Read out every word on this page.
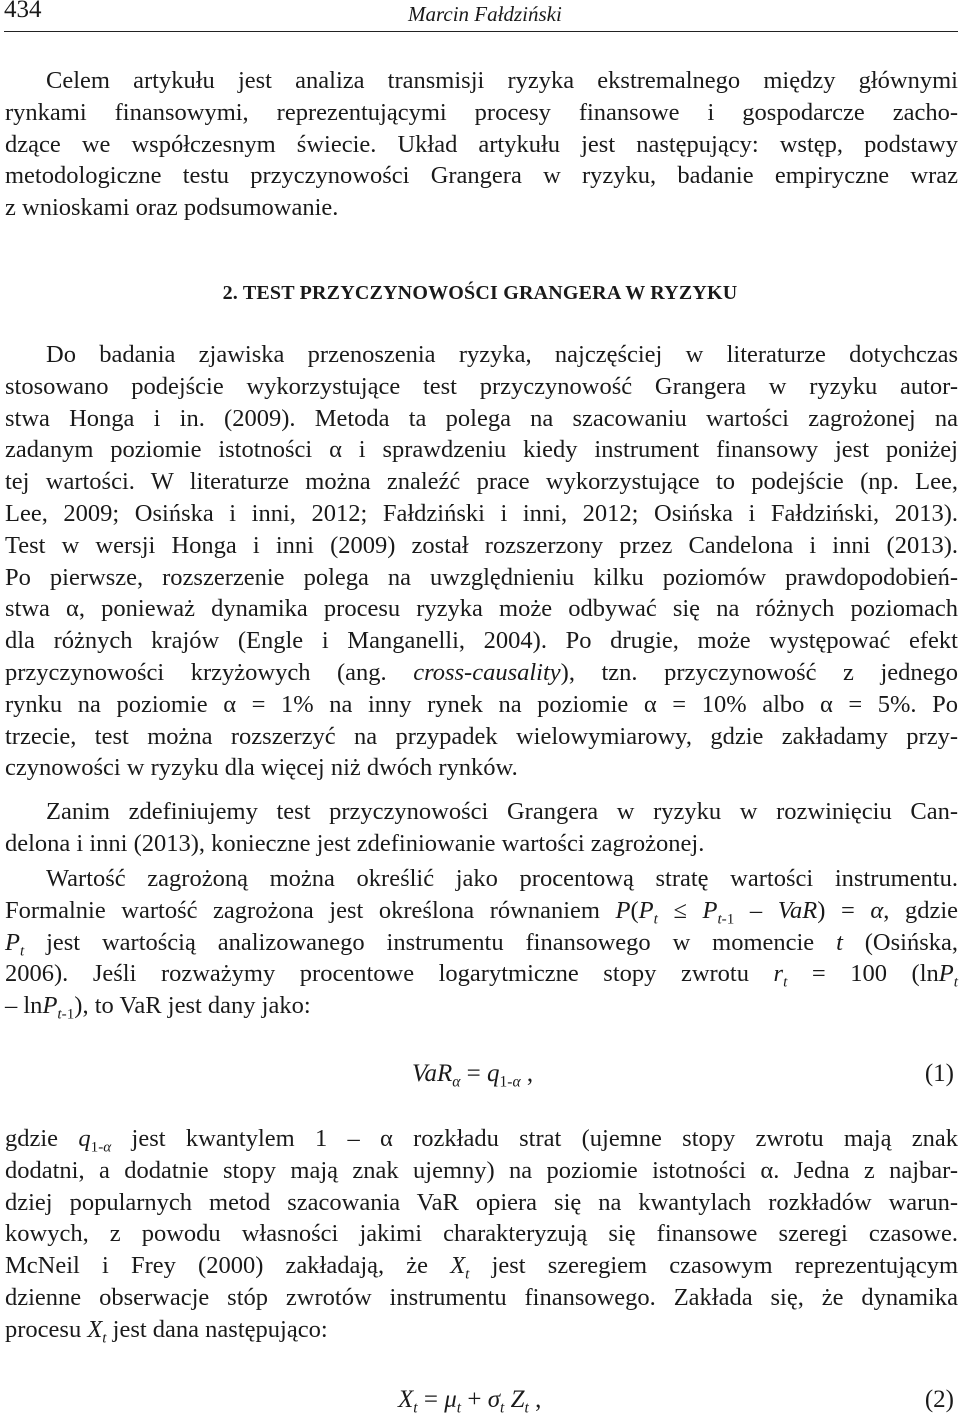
434	Marcin Fałdziński
Celem artykułu jest analiza transmisji ryzyka ekstremalnego między głównymi
rynkami finansowymi, reprezentującymi procesy finansowe i gospodarcze zacho-
dzące we współczesnym świecie. Układ artykułu jest następujący: wstęp, podstawy
metodologiczne testu przyczynowości Grangera w ryzyku, badanie empiryczne wraz
z wnioskami oraz podsumowanie.
2. TEST PRZYCZYNOWOŚCI GRANGERA W RYZYKU
Do badania zjawiska przenoszenia ryzyka, najczęściej w literaturze dotychczas
stosowano podejście wykorzystujące test przyczynowość Grangera w ryzyku autor-
stwa Honga i in. (2009). Metoda ta polega na szacowaniu wartości zagrożonej na
zadanym poziomie istotności α i sprawdzeniu kiedy instrument finansowy jest poniżej
tej wartości. W literaturze można znaleźć prace wykorzystujące to podejście (np. Lee,
Lee, 2009; Osińska i inni, 2012; Fałdziński i inni, 2012; Osińska i Fałdziński, 2013).
Test w wersji Honga i inni (2009) został rozszerzony przez Candelona i inni (2013).
Po pierwsze, rozszerzenie polega na uwzględnieniu kilku poziomów prawdopodobień-
stwa α, ponieważ dynamika procesu ryzyka może odbywać się na różnych poziomach
dla różnych krajów (Engle i Manganelli, 2004). Po drugie, może występować efekt
przyczynowości krzyżowych (ang. cross-causality), tzn. przyczynowość z jednego
rynku na poziomie α = 1% na inny rynek na poziomie α = 10% albo α = 5%. Po
trzecie, test można rozszerzyć na przypadek wielowymiarowy, gdzie zakładamy przy-
czynowości w ryzyku dla więcej niż dwóch rynków.
Zanim zdefiniujemy test przyczynowości Grangera w ryzyku w rozwinięciu Can-
delona i inni (2013), konieczne jest zdefiniowanie wartości zagrożonej.
Wartość zagrożoną można określić jako procentową stratę wartości instrumentu.
Formalnie wartość zagrożona jest określona równaniem $P(P_t \le P_{t-1} - VaR) = \alpha$, gdzie
$P_t$ jest wartością analizowanego instrumentu finansowego w momencie t (Osińska,
2006). Jeśli rozważymy procentowe logarytmiczne stopy zwrotu $r_t = 100$ (lnP$_t$
– lnP$_{t-1}$), to VaR jest dany jako:
$VaR_\alpha = q_{1-\alpha}$ ,	(1)
gdzie $q_{1-\alpha}$ jest kwantylem 1 – α rozkładu strat (ujemne stopy zwrotu mają znak
dodatni, a dodatnie stopy mają znak ujemny) na poziomie istotności α. Jedna z najbar-
dziej popularnych metod szacowania VaR opiera się na kwantylach rozkładów warun-
kowych, z powodu własności jakimi charakteryzują się finansowe szeregi czasowe.
McNeil i Frey (2000) zakładają, że $X_t$ jest szeregiem czasowym reprezentującym
dzienne obserwacje stóp zwrotów instrumentu finansowego. Zakłada się, że dynamika
procesu $X_t$ jest dana następująco:
$X_t = \mu_t + \sigma_t$ $Z_t$ ,	(2)
